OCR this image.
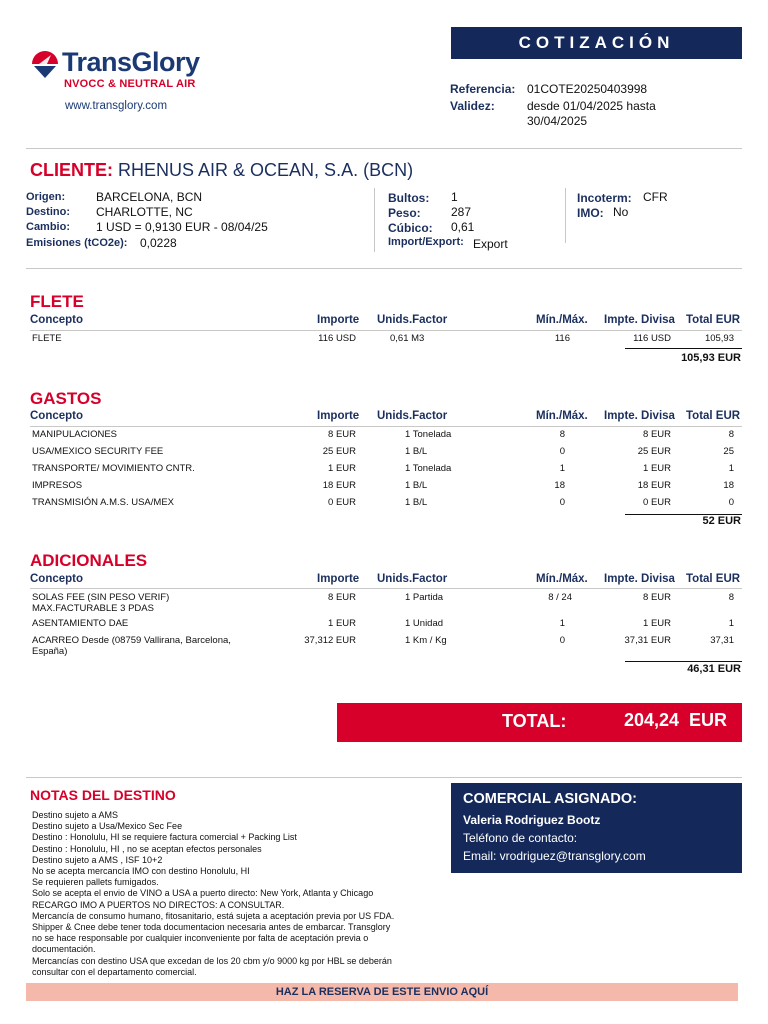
COTIZACIÓN
TransGlory
NVOCC & NEUTRAL AIR
www.transglory.com
Referencia: 01COTE20250403998
Validez:	desde 01/04/2025 hasta
30/04/2025
CLIENTE: RHENUS AIR & OCEAN, S.A. (BCN)
Origen:	BARCELONA, BCN
Destino: CHARLOTTE, NC
Cambio: 1 USD = 0,9130 EUR - 08/04/25
Emisiones (tCO2e): 0,0228
Bultos: 1
Peso:	287
Cúbico: 0,61
Import/Export: Export
Incoterm: CFR
IMO: No
FLETE
Concepto	Importe Unids.Factor	Mín./Máx. Impte. Divisa Total EUR
FLETE	116 USD	0,61 M3	116	116 USD	105,93
105,93 EUR
GASTOS
Concepto	Importe Unids.Factor	Mín./Máx. Impte. Divisa Total EUR
MANIPULACIONES	8 EUR	1 Tonelada	8	8 EUR	8
USA/MEXICO SECURITY FEE	25 EUR	1 B/L	0	25 EUR	25
TRANSPORTE/ MOVIMIENTO CNTR.	1 EUR	1 Tonelada	1	1 EUR	1
IMPRESOS	18 EUR	1 B/L	18	18 EUR	18
TRANSMISIÓN A.M.S. USA/MEX	0 EUR	1 B/L	0	0 EUR	0
52 EUR
ADICIONALES
Concepto	Importe Unids.Factor	Mín./Máx. Impte. Divisa Total EUR
SOLAS FEE (SIN PESO VERIF)
MAX.FACTURABLE 3 PDAS
8 EUR	1 Partida	8 / 24	8 EUR	8
ASENTAMIENTO DAE	1 EUR	1 Unidad	1	1 EUR	1
ACARREO Desde (08759 Vallirana, Barcelona,
España)
37,312 EUR	1 Km / Kg	0	37,31 EUR	37,31
46,31 EUR
TOTAL:	204,24 EUR
NOTAS DEL DESTINO
Destino sujeto a AMS
Destino sujeto a Usa/Mexico Sec Fee
Destino : Honolulu, HI se requiere factura comercial + Packing List
Destino : Honolulu, HI , no se aceptan efectos personales
Destino sujeto a AMS , ISF 10+2
No se acepta mercancía IMO con destino Honolulu, HI
Se requieren pallets fumigados.
Solo se acepta el envio de VINO a USA a puerto directo: New York, Atlanta y Chicago
RECARGO IMO A PUERTOS NO DIRECTOS: A CONSULTAR.
Mercancía de consumo humano, fitosanitario, está sujeta a aceptación previa por US FDA.
Shipper & Cnee debe tener toda documentacion necesaria antes de embarcar. Transglory
no se hace responsable por cualquier inconveniente por falta de aceptación previa o
documentación.
Mercancías con destino USA que excedan de los 20 cbm y/o 9000 kg por HBL se deberán
consultar con el departamento comercial.
COMERCIAL ASIGNADO:
Valeria Rodriguez Bootz
Teléfono de contacto:
Email: vrodriguez@transglory.com
HAZ LA RESERVA DE ESTE ENVIO AQUÍ
